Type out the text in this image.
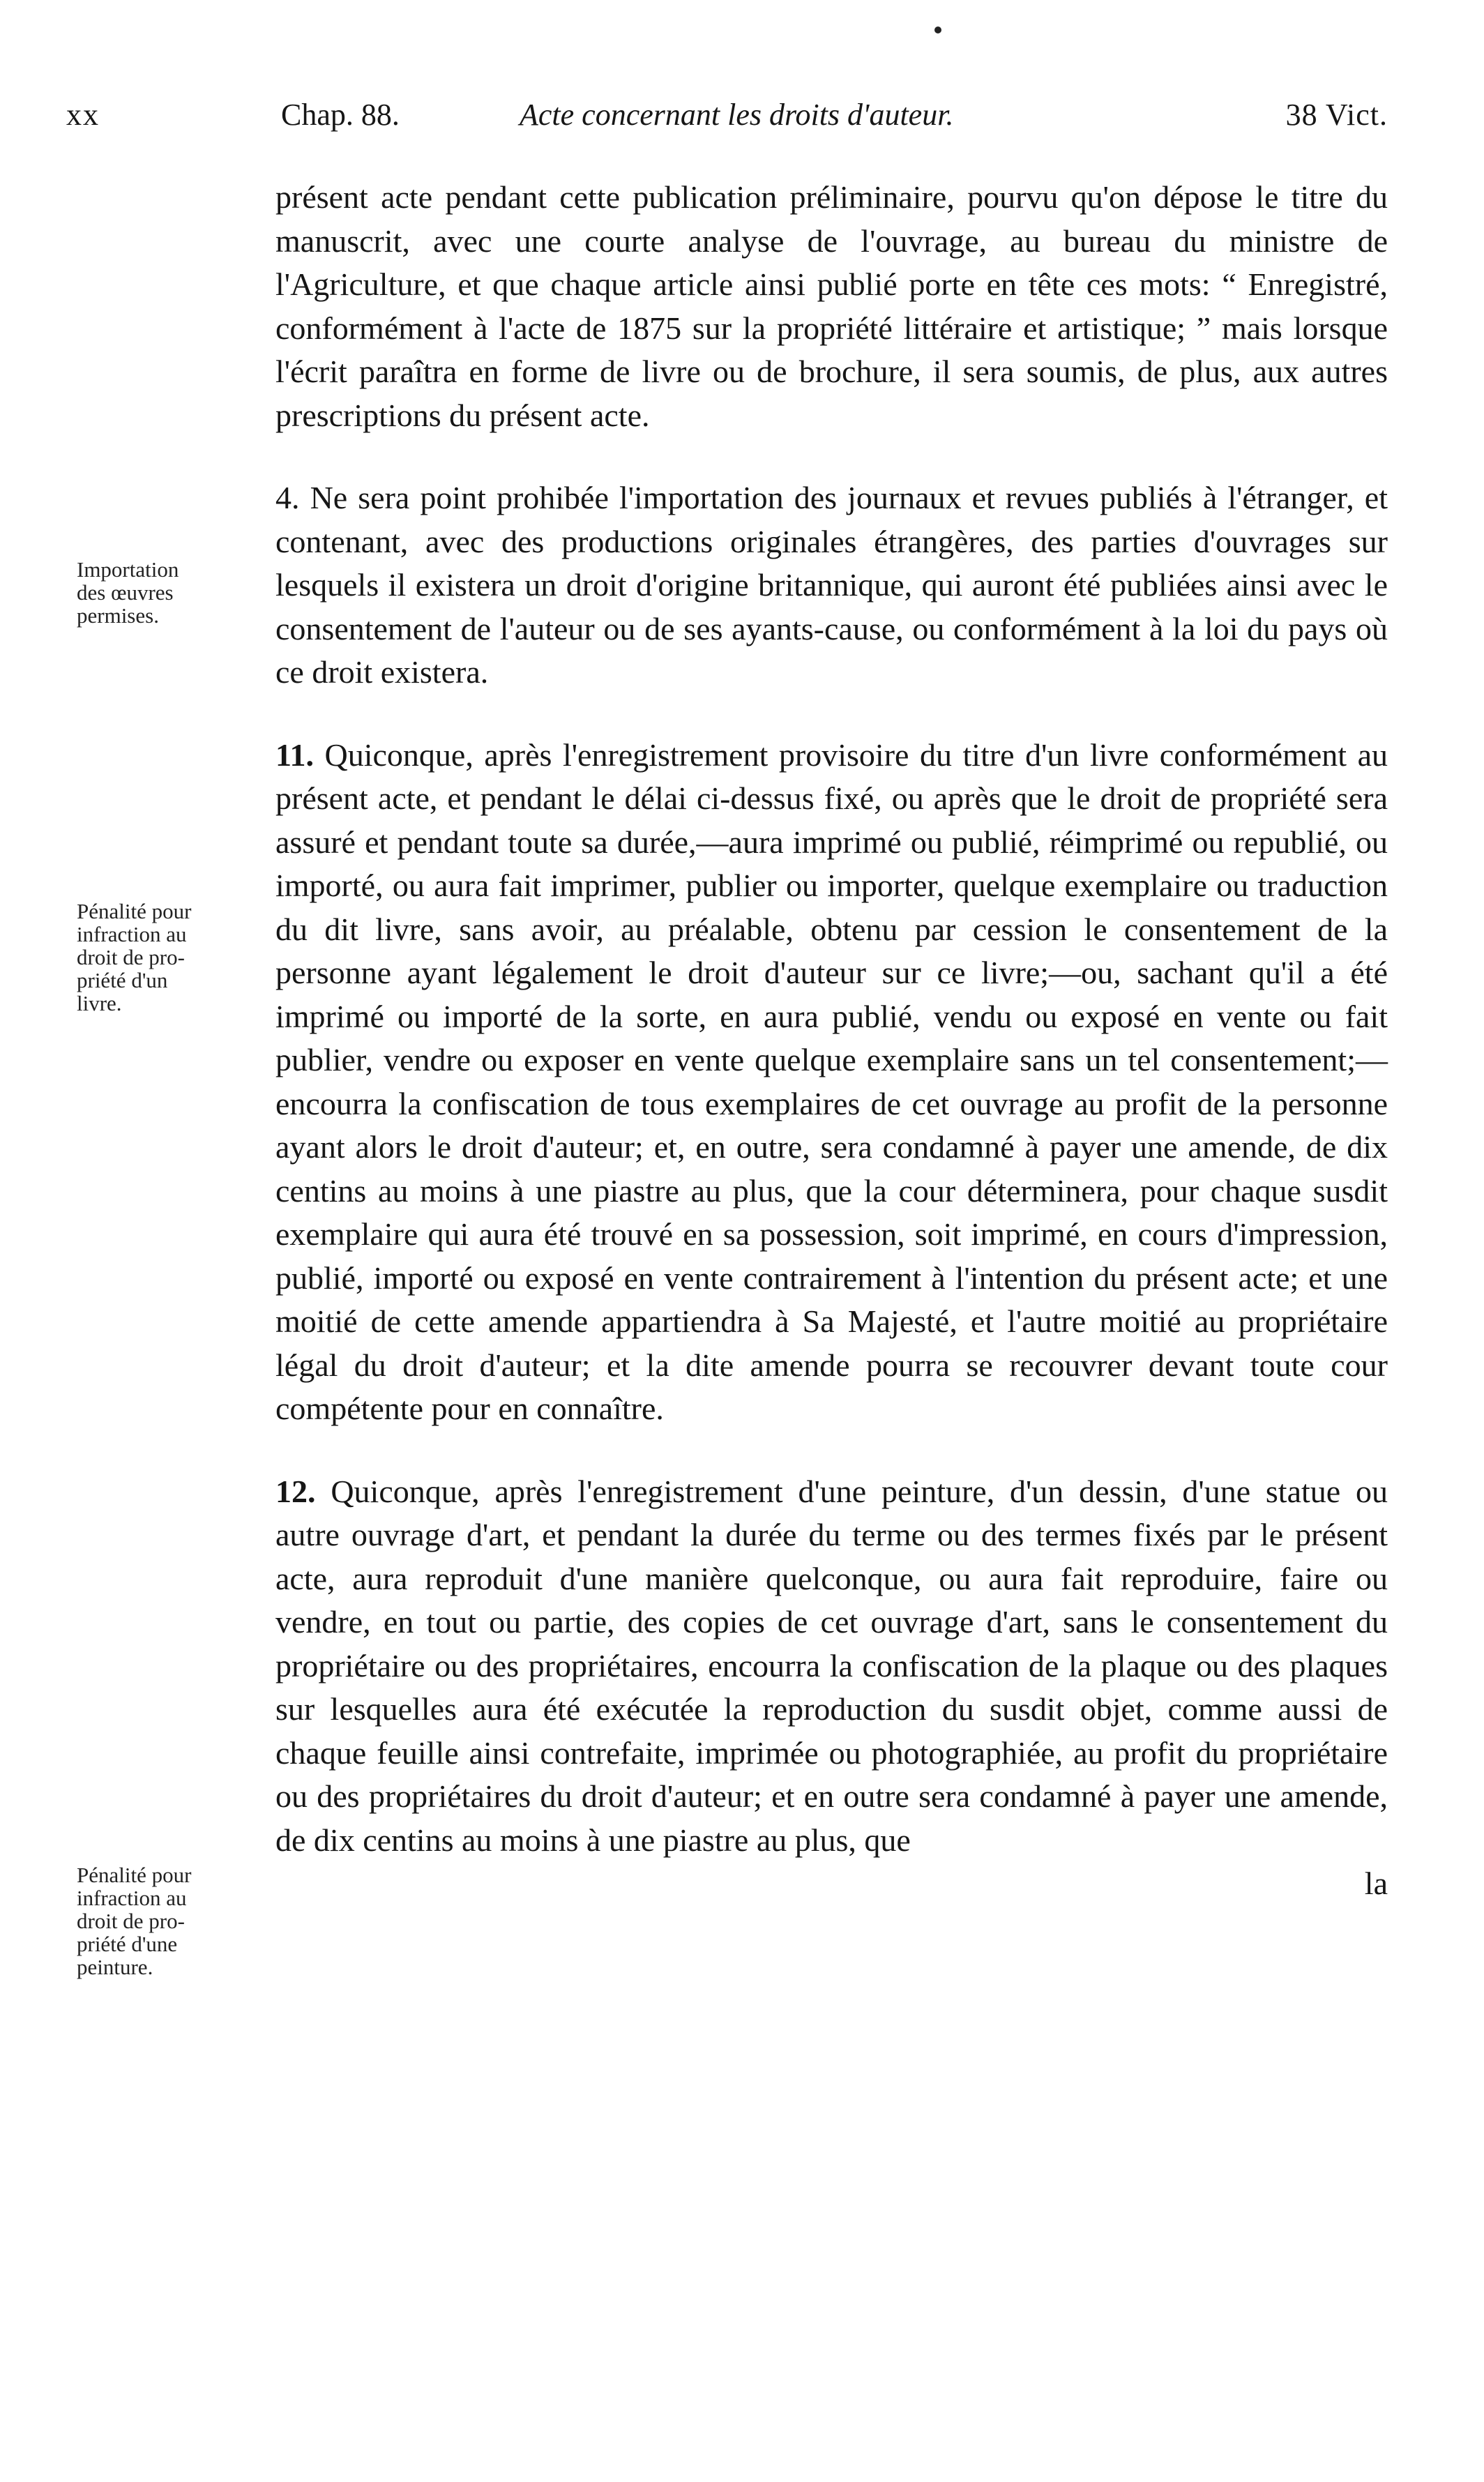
xx	Chap. 88.	Acte concernant les droits d'auteur.	38 Vict.
Importation
des œuvres
permises.
Pénalité pour
infraction au
droit de pro-
priété d'un
livre.
Pénalité pour
infraction au
droit de pro-
priété d'une
peinture.

présent acte pendant cette publication préliminaire, pourvu qu'on dépose le titre du manuscrit, avec une courte analyse de l'ouvrage, au bureau du ministre de l'Agriculture, et que chaque article ainsi publié porte en tête ces mots: “ Enregistré, conformément à l'acte de 1875 sur la propriété littéraire et artistique; ” mais lorsque l'écrit paraîtra en forme de livre ou de brochure, il sera soumis, de plus, aux autres prescriptions du présent acte.

4. Ne sera point prohibée l'importation des journaux et revues publiés à l'étranger, et contenant, avec des productions originales étrangères, des parties d'ouvrages sur lesquels il existera un droit d'origine britannique, qui auront été publiées ainsi avec le consentement de l'auteur ou de ses ayants-cause, ou conformément à la loi du pays où ce droit existera.

11. Quiconque, après l'enregistrement provisoire du titre d'un livre conformément au présent acte, et pendant le délai ci-dessus fixé, ou après que le droit de propriété sera assuré et pendant toute sa durée,—aura imprimé ou publié, réimprimé ou republié, ou importé, ou aura fait imprimer, publier ou importer, quelque exemplaire ou traduction du dit livre, sans avoir, au préalable, obtenu par cession le consentement de la personne ayant légalement le droit d'auteur sur ce livre;—ou, sachant qu'il a été imprimé ou importé de la sorte, en aura publié, vendu ou exposé en vente ou fait publier, vendre ou exposer en vente quelque exemplaire sans un tel consentement;—encourra la confiscation de tous exemplaires de cet ouvrage au profit de la personne ayant alors le droit d'auteur; et, en outre, sera condamné à payer une amende, de dix centins au moins à une piastre au plus, que la cour déterminera, pour chaque susdit exemplaire qui aura été trouvé en sa possession, soit imprimé, en cours d'impression, publié, importé ou exposé en vente contrairement à l'intention du présent acte; et une moitié de cette amende appartiendra à Sa Majesté, et l'autre moitié au propriétaire légal du droit d'auteur; et la dite amende pourra se recouvrer devant toute cour compétente pour en connaître.

12. Quiconque, après l'enregistrement d'une peinture, d'un dessin, d'une statue ou autre ouvrage d'art, et pendant la durée du terme ou des termes fixés par le présent acte, aura reproduit d'une manière quelconque, ou aura fait reproduire, faire ou vendre, en tout ou partie, des copies de cet ouvrage d'art, sans le consentement du propriétaire ou des propriétaires, encourra la confiscation de la plaque ou des plaques sur lesquelles aura été exécutée la reproduction du susdit objet, comme aussi de chaque feuille ainsi contrefaite, imprimée ou photographiée, au profit du propriétaire ou des propriétaires du droit d'auteur; et en outre sera condamné à payer une amende, de dix centins au moins à une piastre au plus, que

la
